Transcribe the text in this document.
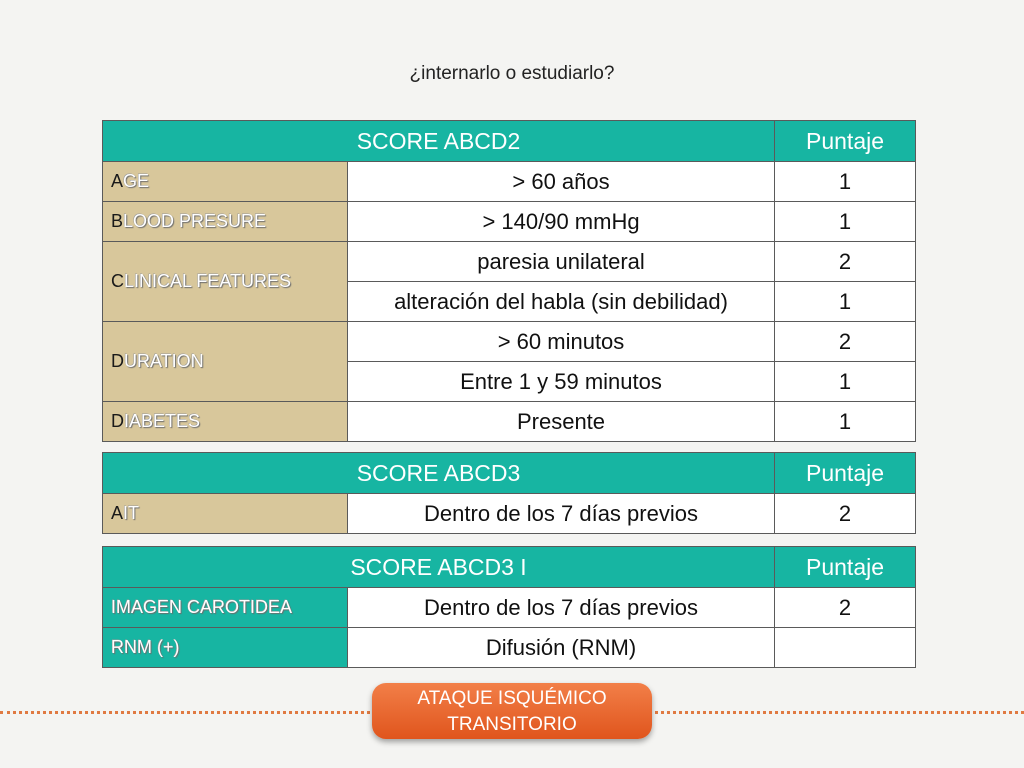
¿internarlo o estudiarlo?
SCORE ABCD2		Puntaje
AGE	> 60 años	1
BLOOD PRESURE	> 140/90 mmHg	1
CLINICAL FEATURES	paresia unilateral	2
	alteración del habla (sin debilidad)	1
DURATION	> 60 minutos	2
	Entre 1 y 59 minutos	1
DIABETES	Presente	1
SCORE ABCD3		Puntaje
AIT	Dentro de los 7 días previos	2
SCORE ABCD3 I		Puntaje
IMAGEN CAROTIDEA	Dentro de los 7 días previos	2
RNM (+)	Difusión (RNM)	
ATAQUE ISQUÉMICO
TRANSITORIO
